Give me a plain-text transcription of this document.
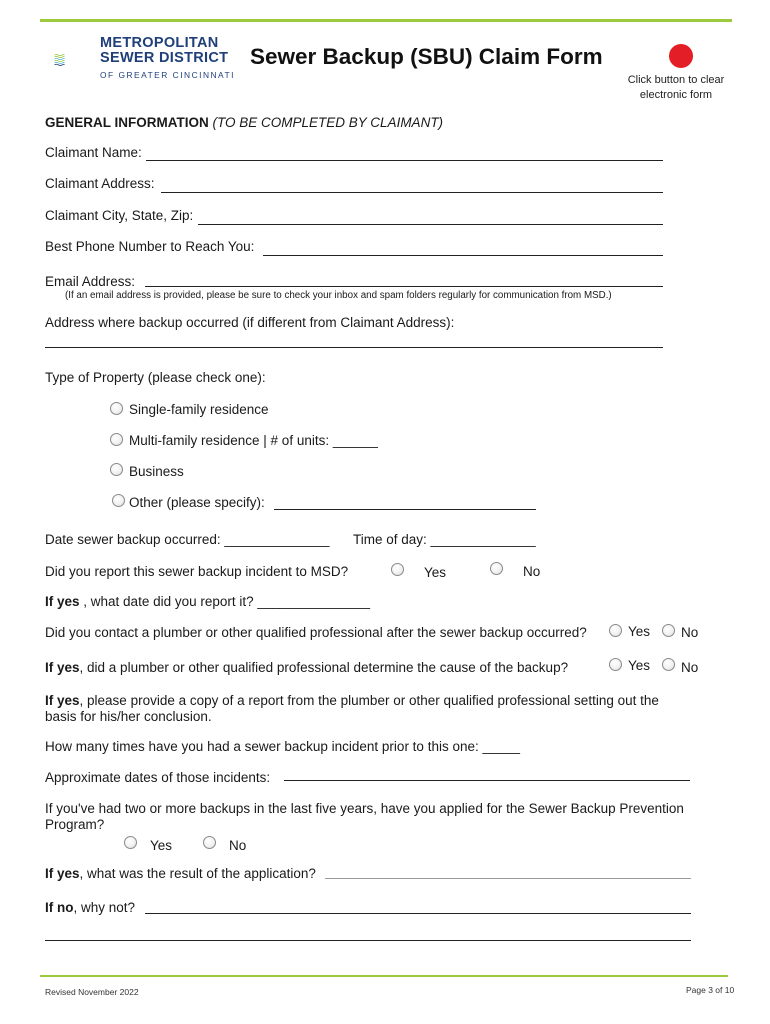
METROPOLITAN
SEWER DISTRICT
OF GREATER CINCINNATI
Sewer Backup (SBU) Claim Form
Click button to clear electronic form
GENERAL INFORMATION (TO BE COMPLETED BY CLAIMANT)
Claimant Name:
Claimant Address:
Claimant City, State, Zip:
Best Phone Number to Reach You:
Email Address:
(If an email address is provided, please be sure to check your inbox and spam folders regularly for communication from MSD.)
Address where backup occurred (if different from Claimant Address):
Type of Property (please check one):
Single-family residence
Multi-family residence | # of units: ______
Business
Other (please specify):
Date sewer backup occurred: ______________ Time of day: ______________
Did you report this sewer backup incident to MSD?	Yes	No
If yes , what date did you report it? _______________
Did you contact a plumber or other qualified professional after the sewer backup occurred?	Yes No
If yes, did a plumber or other qualified professional determine the cause of the backup?	Yes No
If yes, please provide a copy of a report from the plumber or other qualified professional setting out the
basis for his/her conclusion.
How many times have you had a sewer backup incident prior to this one: _____
Approximate dates of those incidents:
If you've had two or more backups in the last five years, have you applied for the Sewer Backup Prevention
Program?
Yes	No
If yes, what was the result of the application?
If no, why not?
Revised November 2022	Page 3 of 10
